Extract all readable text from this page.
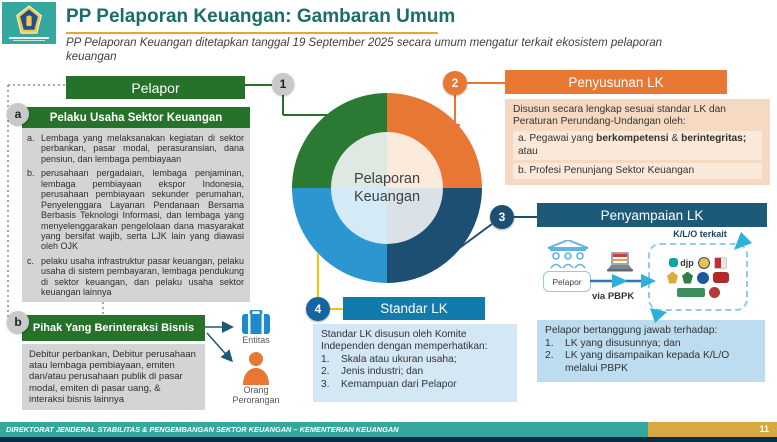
PP Pelaporan Keuangan: Gambaran Umum
PP Pelaporan Keuangan ditetapkan tanggal 19 September 2025 secara umum mengatur terkait ekosistem pelaporan keuangan
1	2
3
4
a
b
Pelapor
Pelaku Usaha Sektor Keuangan
a. Lembaga yang melaksanakan kegiatan di sektor perbankan, pasar modal, perasuransian, dana pensiun, dan lembaga pembiayaan
b. perusahaan pergadaian, lembaga penjaminan, lembaga pembiayaan ekspor Indonesia, perusahaan pembiayaan sekunder perumahan, Penyelenggara Layanan Pendanaan Bersama Berbasis Teknologi Informasi, dan lembaga yang menyelenggarakan pengelolaan dana masyarakat yang bersifat wajib, serta LJK lain yang diawasi oleh OJK
c. pelaku usaha infrastruktur pasar keuangan, pelaku usaha di sistem pembayaran, lembaga pendukung di sektor keuangan, dan pelaku usaha sektor keuangan lainnya
Pihak Yang Berinteraksi Bisnis
Debitur perbankan, Debitur perusahaan atau lembaga pembiayaan, emiten dan/atau perusahaan publik di pasar modal, emiten di pasar uang, & interaksi bisnis lainnya
Entitas
Orang Perorangan
Pelaporan Keuangan
Penyusunan LK
Disusun secara lengkap sesuai standar LK dan Peraturan Perundang-Undangan oleh:
a. Pegawai yang berkompetensi & berintegritas; atau
b. Profesi Penunjang Sektor Keuangan
Penyampaian LK
K/L/O terkait
Pelapor
via PBPK
djp
Pelapor bertanggung jawab terhadap:
1.	LK yang disusunnya; dan
2.	LK yang disampaikan kepada K/L/O melalui PBPK
Standar LK
Standar LK disusun oleh Komite Independen dengan memperhatikan:
1.	Skala atau ukuran usaha;
2.	Jenis industri; dan
3.	Kemampuan dari Pelapor
DIREKTORAT JENDERAL STABILITAS & PENGEMBANGAN SEKTOR KEUANGAN – KEMENTERIAN KEUANGAN	11
